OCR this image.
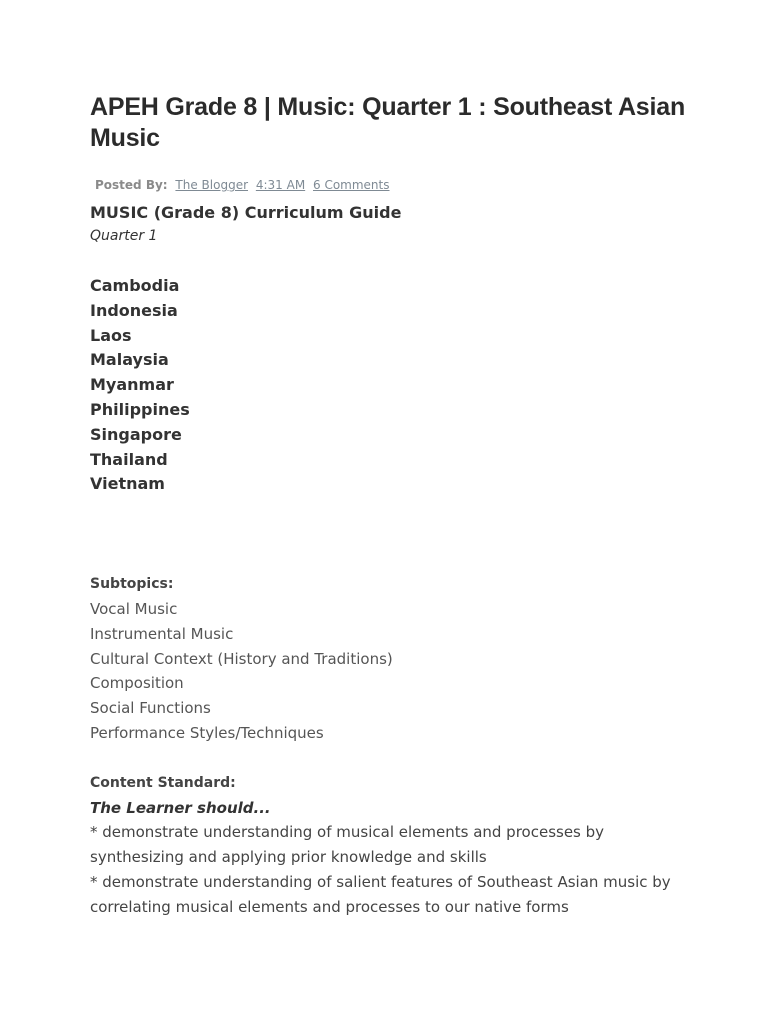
APEH Grade 8 | Music: Quarter 1 : Southeast Asian Music
Posted By: The Blogger 4:31 AM 6 Comments
MUSIC (Grade 8) Curriculum Guide
Quarter 1
Cambodia
Indonesia
Laos
Malaysia
Myanmar
Philippines
Singapore
Thailand
Vietnam
Subtopics:
Vocal Music
Instrumental Music
Cultural Context (History and Traditions)
Composition
Social Functions
Performance Styles/Techniques
Content Standard:
The Learner should...
* demonstrate understanding of musical elements and processes by synthesizing and applying prior knowledge and skills
* demonstrate understanding of salient features of Southeast Asian music by correlating musical elements and processes to our native forms
